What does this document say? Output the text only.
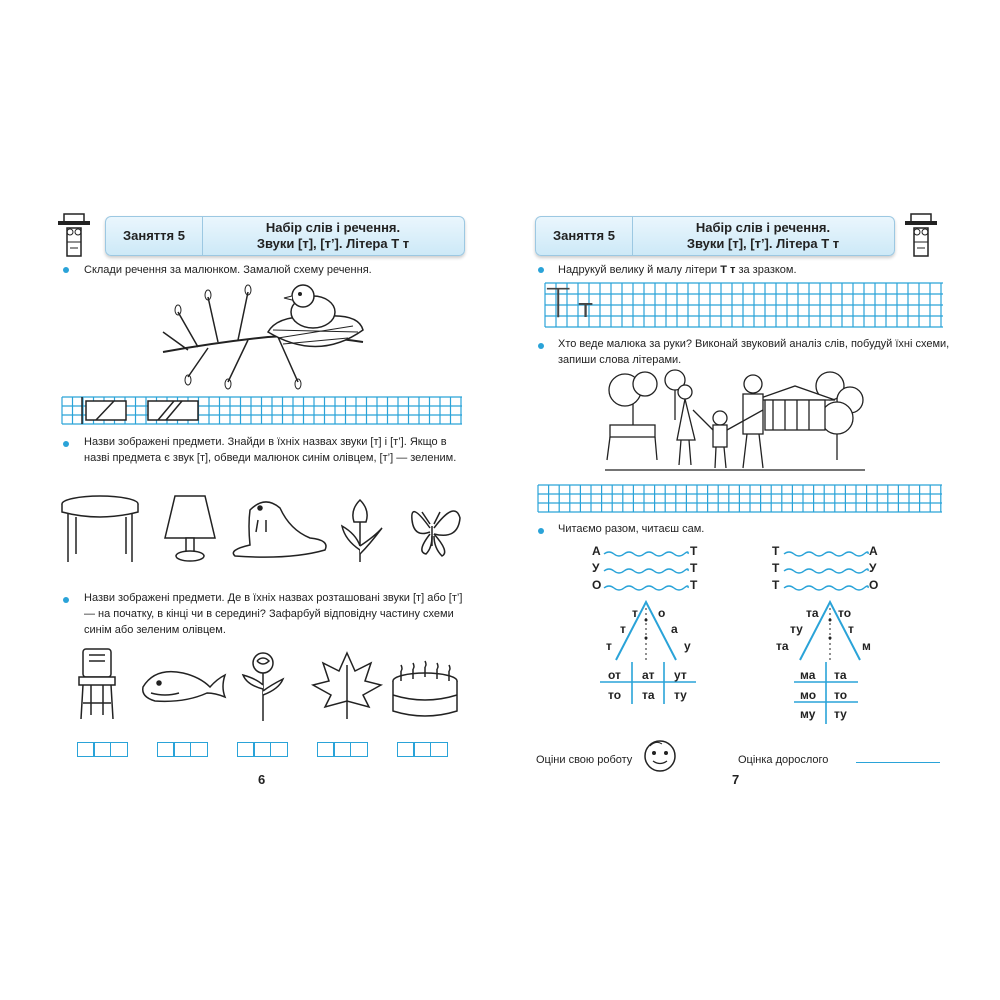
Заняття 5
Набір слів і речення.
Звуки [т], [т’]. Літера Т т
Склади речення за малюнком. Замалюй схему речення.
Назви зображені предмети. Знайди в їхніх назвах звуки [т] і [т’]. Якщо в назві предмета є звук [т], обведи малюнок синім олівцем, [т’] — зеленим.
Назви зображені предмети. Де в їхніх назвах розташовані звуки [т] або [т’] — на початку, в кінці чи в середині? Зафарбуй відповідну частину схеми синім або зеленим олівцем.
6
Заняття 5
Набір слів і речення.
Звуки [т], [т’]. Літера Т т
Надрукуй велику й малу літери Т т за зразком.
Т т
Хто веде малюка за руки? Виконай звуковий аналіз слів, побудуй їхні схеми, запиши слова літерами.
Читаємо разом, читаєш сам.
А	Т
У	Т
О	Т
Т	А
Т	У
Т	О
т о
т	а
т	у
та то
ту	т
та	м
от ат ут
то та ту
ма та
мо то
му ту
Оціни свою роботу	Оцінка дорослого
7
